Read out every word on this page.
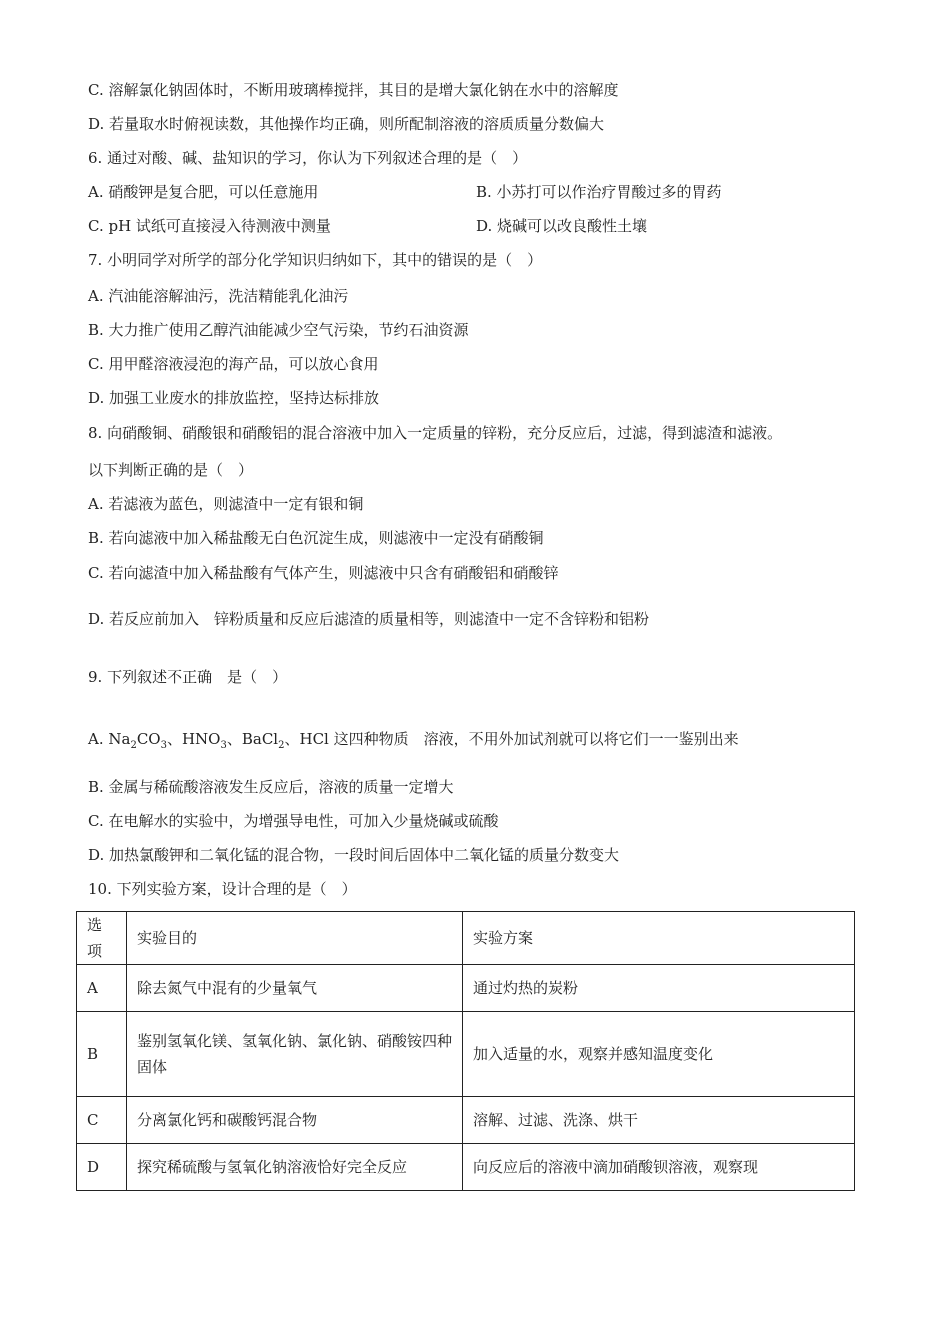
C. 溶解氯化钠固体时，不断用玻璃棒搅拌，其目的是增大氯化钠在水中的溶解度
D. 若量取水时俯视读数，其他操作均正确，则所配制溶液的溶质质量分数偏大
6. 通过对酸、碱、盐知识的学习，你认为下列叙述合理的是（　）
A. 硝酸钾是复合肥，可以任意施用	B. 小苏打可以作治疗胃酸过多的胃药
C. pH 试纸可直接浸入待测液中测量	D. 烧碱可以改良酸性土壤
7. 小明同学对所学的部分化学知识归纳如下，其中的错误的是（　）
A. 汽油能溶解油污，洗洁精能乳化油污
B. 大力推广使用乙醇汽油能减少空气污染，节约石油资源
C. 用甲醛溶液浸泡的海产品，可以放心食用
D. 加强工业废水的排放监控，坚持达标排放
8. 向硝酸铜、硝酸银和硝酸铝的混合溶液中加入一定质量的锌粉，充分反应后，过滤，得到滤渣和滤液。
以下判断正确的是（　）
A. 若滤液为蓝色，则滤渣中一定有银和铜
B. 若向滤液中加入稀盐酸无白色沉淀生成，则滤液中一定没有硝酸铜
C. 若向滤渣中加入稀盐酸有气体产生，则滤液中只含有硝酸铝和硝酸锌
D. 若反应前加入　锌粉质量和反应后滤渣的质量相等，则滤渣中一定不含锌粉和铝粉
9. 下列叙述不正确　是（　）
A. $Na_2CO_3$、$HNO_3$、BaCl$_2$、HCl 这四种物质　溶液，不用外加试剂就可以将它们一一鉴别出来
B. 金属与稀硫酸溶液发生反应后，溶液的质量一定增大
C. 在电解水的实验中，为增强导电性，可加入少量烧碱或硫酸
D. 加热氯酸钾和二氧化锰的混合物，一段时间后固体中二氧化锰的质量分数变大
10. 下列实验方案，设计合理的是（　）
选项	实验目的	实验方案
A	除去氮气中混有的少量氧气	通过灼热的炭粉
B	鉴别氢氧化镁、氢氧化钠、氯化钠、硝酸铵四种固体	加入适量的水，观察并感知温度变化
C	分离氯化钙和碳酸钙混合物	溶解、过滤、洗涤、烘干
D	探究稀硫酸与氢氧化钠溶液恰好完全反应	向反应后的溶液中滴加硝酸钡溶液，观察现
